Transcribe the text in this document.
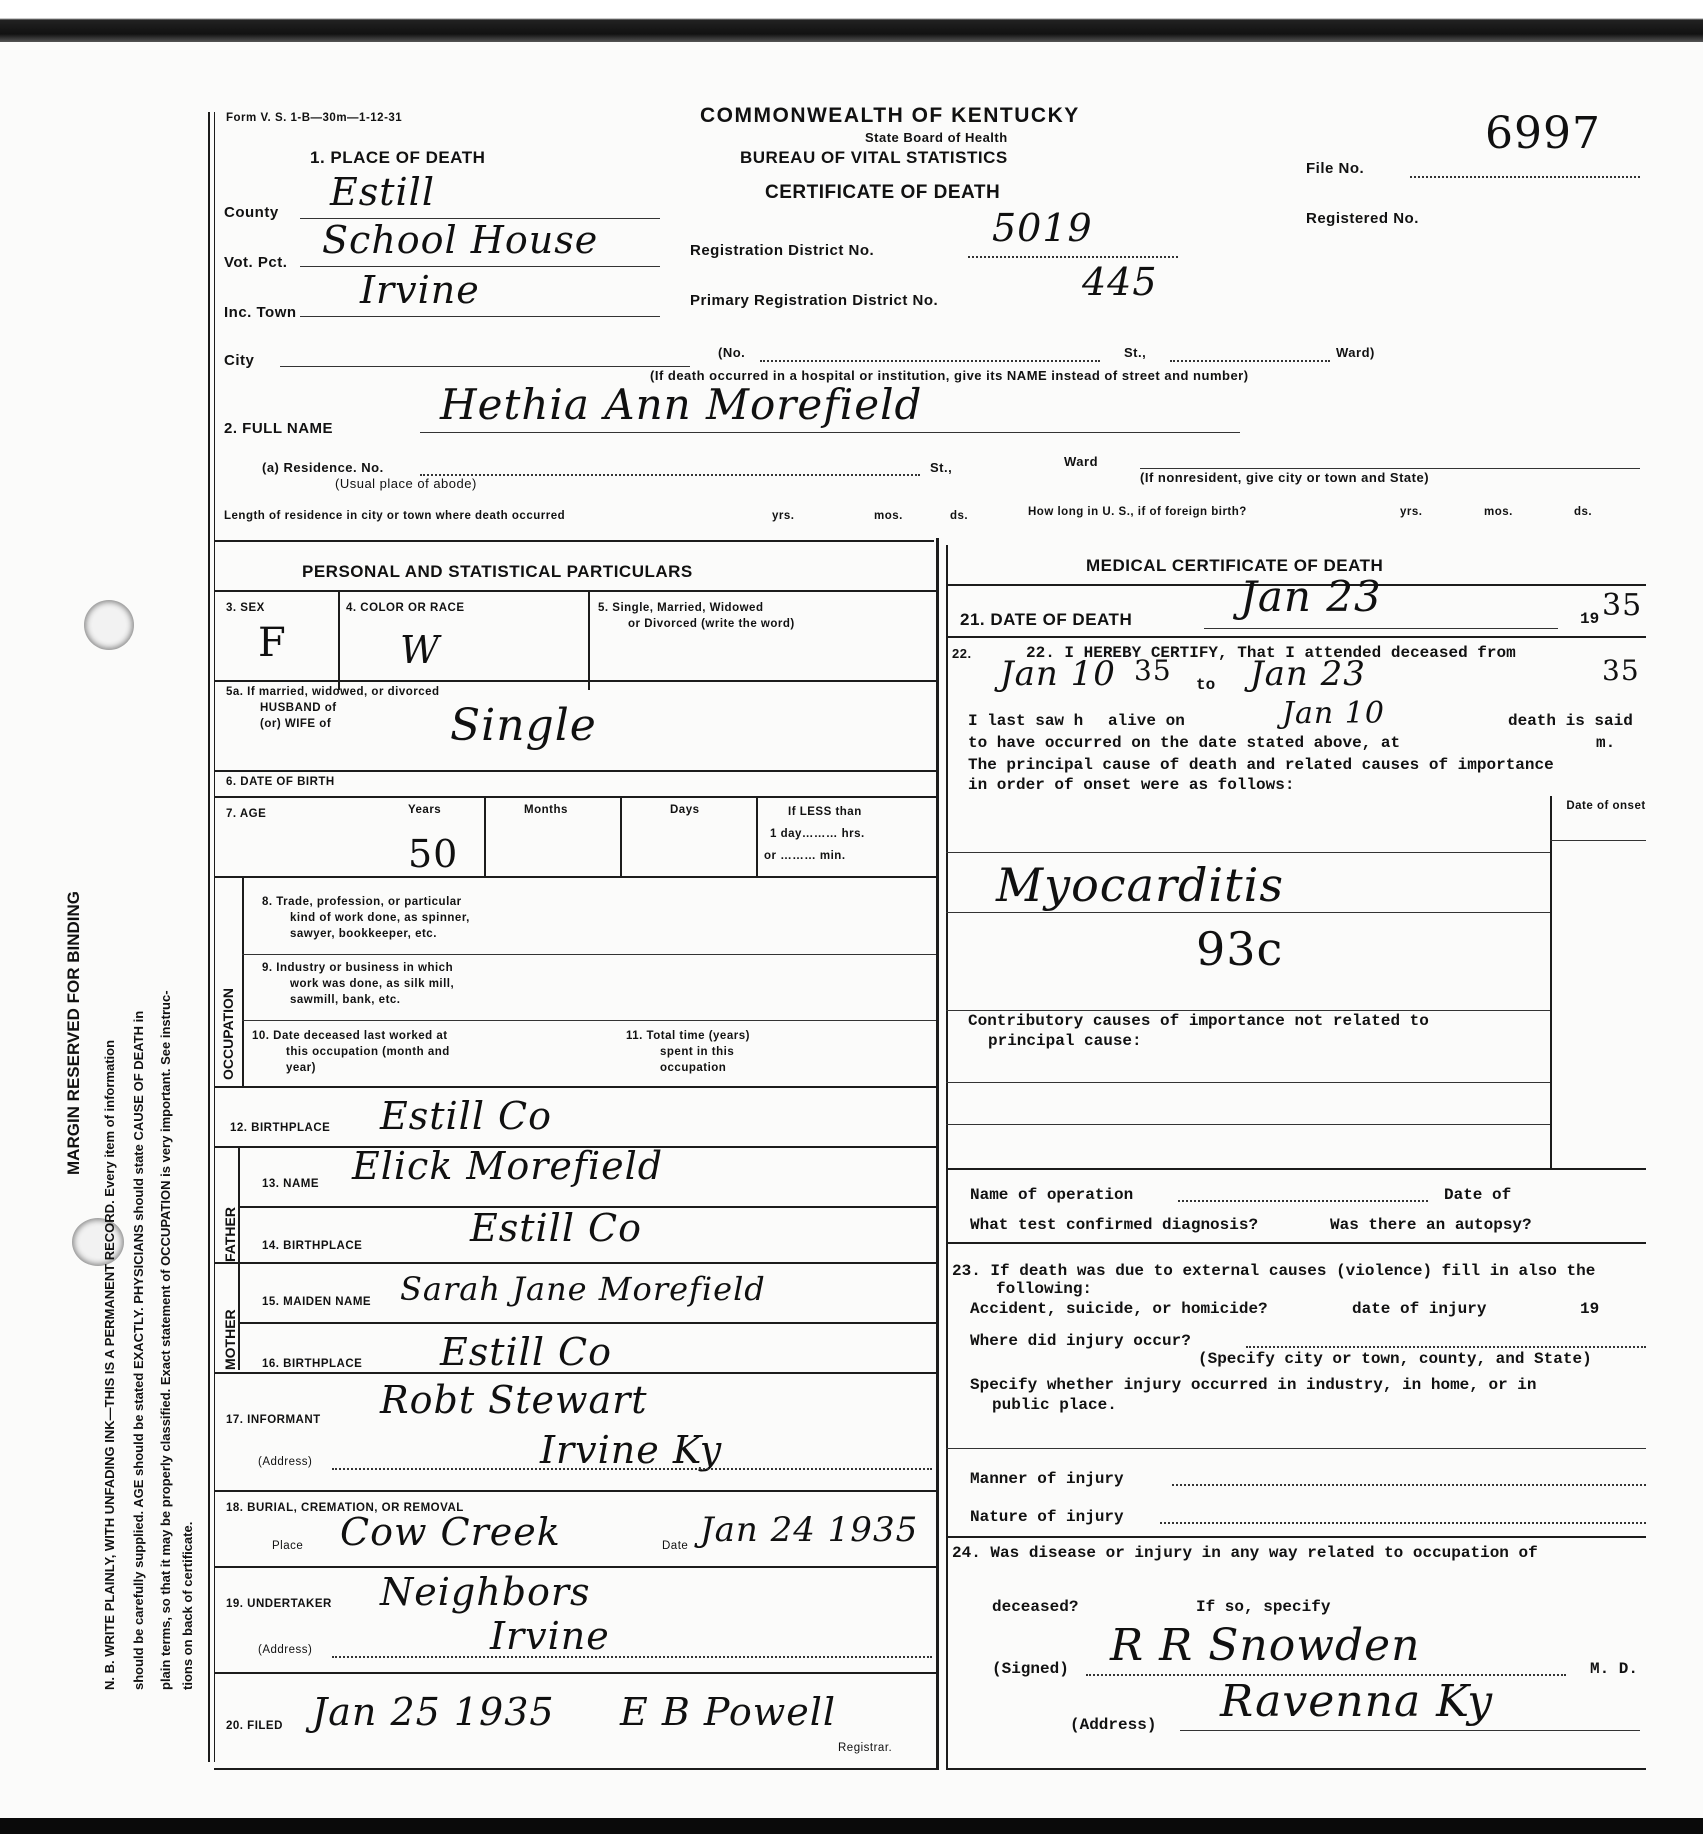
MARGIN RESERVED FOR BINDING
N. B. WRITE PLAINLY, WITH UNFADING INK—THIS IS A PERMANENT RECORD. Every item of information should be carefully supplied. AGE should be stated EXACTLY. PHYSICIANS should state CAUSE OF DEATH in plain terms, so that it may be properly classified. Exact statement of OCCUPATION is very important. See instruc- tions on back of certificate.
Form V. S. 1-B—30m—1-12-31	COMMONWEALTH OF KENTUCKY
State Board of Health
BUREAU OF VITAL STATISTICS
CERTIFICATE OF DEATH
File No.
6997
Registered No.
1. PLACE OF DEATH
County Estill
Vot. Pct.
School House
Inc. Town
Irvine
Registration District No.
5019
Primary Registration District No.	445
City	(No.	St.,	Ward)
(If death occurred in a hospital or institution, give its NAME instead of street and number)
2. FULL NAME	Hethia Ann Morefield
(a) Residence. No.
(Usual place of abode)
St.,	Ward
(If nonresident, give city or town and State)
Length of residence in city or town where death occurred	yrs.	mos.	ds.	How long in U. S., if of foreign birth?	yrs.	mos.	ds.
PERSONAL AND STATISTICAL PARTICULARS
3. SEX
F
4. COLOR OR RACE
W
5. Single, Married, Widowed
or Divorced (write the word)
5a. If married, widowed, or divorced
HUSBAND of
(or) WIFE of	Single
6. DATE OF BIRTH
7. AGE	Years
50
Months	Days	If LESS than
1 day……… hrs.
or ……… min.
OCCUPATION
8. Trade, profession, or particular
kind of work done, as spinner,
sawyer, bookkeeper, etc.
9. Industry or business in which
work was done, as silk mill,
sawmill, bank, etc.
10. Date deceased last worked at
this occupation (month and
year)
11. Total time (years)
spent in this
occupation
12. BIRTHPLACE Estill Co
FATHER
MOTHER
13. NAME Elick Morefield
14. BIRTHPLACE	Estill Co
15. MAIDEN NAME Sarah Jane Morefield
16. BIRTHPLACE Estill Co
17. INFORMANT Robt Stewart
(Address)	Irvine Ky
18. BURIAL, CREMATION, OR REMOVAL
Place Cow Creek	Date Jan 24 1935
19. UNDERTAKER Neighbors
(Address)	Irvine
20. FILED Jan 25 1935 E B Powell
Registrar.
MEDICAL CERTIFICATE OF DEATH
21. DATE OF DEATH	Jan 23	19 35
22.	22. I HEREBY CERTIFY, That I attended deceased from
Jan 10 35 to Jan 23	35
I last saw h alive on	Jan 10	death is said
to have occurred on the date stated above, at	m.
The principal cause of death and related causes of importance
in order of onset were as follows:
Date of onset
Myocarditis
93c
Contributory causes of importance not related to
principal cause:
Name of operation	Date of
What test confirmed diagnosis?	Was there an autopsy?
23. If death was due to external causes (violence) fill in also the
following:
Accident, suicide, or homicide?	date of injury	19
Where did injury occur?
(Specify city or town, county, and State)
Specify whether injury occurred in industry, in home, or in
public place.
Manner of injury
Nature of injury
24. Was disease or injury in any way related to occupation of
deceased?	If so, specify
(Signed) R R Snowden	M. D.
(Address) Ravenna Ky
